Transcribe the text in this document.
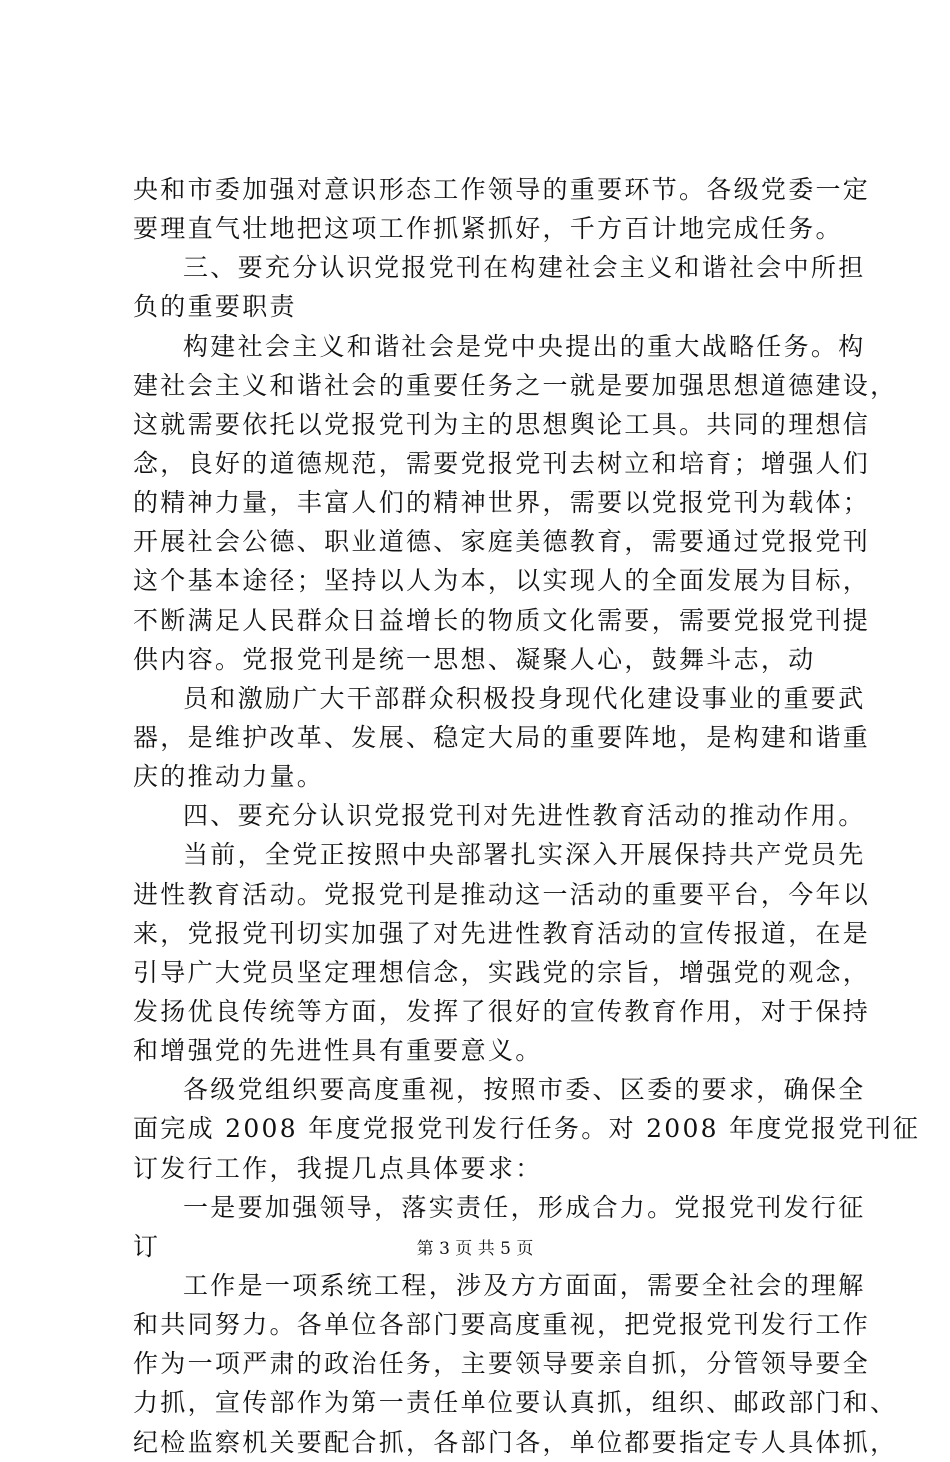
央和市委加强对意识形态工作领导的重要环节。各级党委一定
要理直气壮地把这项工作抓紧抓好，千方百计地完成任务。
三、要充分认识党报党刊在构建社会主义和谐社会中所担
负的重要职责
构建社会主义和谐社会是党中央提出的重大战略任务。构
建社会主义和谐社会的重要任务之一就是要加强思想道德建设，
这就需要依托以党报党刊为主的思想舆论工具。共同的理想信
念，良好的道德规范，需要党报党刊去树立和培育；增强人们
的精神力量，丰富人们的精神世界，需要以党报党刊为载体；
开展社会公德、职业道德、家庭美德教育，需要通过党报党刊
这个基本途径；坚持以人为本，以实现人的全面发展为目标，
不断满足人民群众日益增长的物质文化需要，需要党报党刊提
供内容。党报党刊是统一思想、凝聚人心，鼓舞斗志，动
员和激励广大干部群众积极投身现代化建设事业的重要武
器，是维护改革、发展、稳定大局的重要阵地，是构建和谐重
庆的推动力量。
四、要充分认识党报党刊对先进性教育活动的推动作用。
当前，全党正按照中央部署扎实深入开展保持共产党员先
进性教育活动。党报党刊是推动这一活动的重要平台，今年以
来，党报党刊切实加强了对先进性教育活动的宣传报道，在是
引导广大党员坚定理想信念，实践党的宗旨，增强党的观念，
发扬优良传统等方面，发挥了很好的宣传教育作用，对于保持
和增强党的先进性具有重要意义。
各级党组织要高度重视，按照市委、区委的要求，确保全
面完成 2008 年度党报党刊发行任务。对 2008 年度党报党刊征
订发行工作，我提几点具体要求：
一是要加强领导，落实责任，形成合力。党报党刊发行征
订
工作是一项系统工程，涉及方方面面，需要全社会的理解
和共同努力。各单位各部门要高度重视，把党报党刊发行工作
作为一项严肃的政治任务，主要领导要亲自抓，分管领导要全
力抓，宣传部作为第一责任单位要认真抓，组织、邮政部门和、
纪检监察机关要配合抓，各部门各，单位都要指定专人具体抓，
第 3 页 共 5 页
